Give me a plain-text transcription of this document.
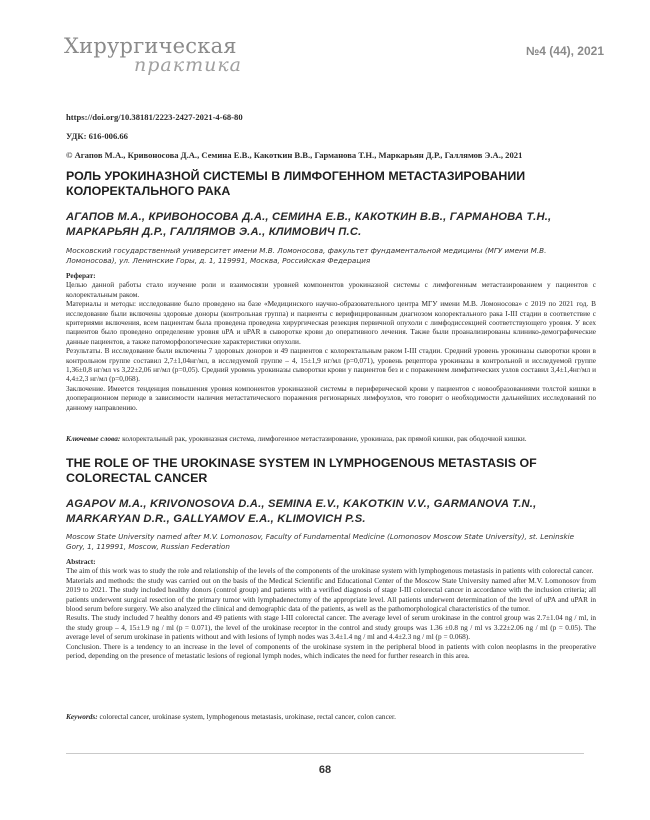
Хирургическая
практика
№4 (44), 2021
https://doi.org/10.38181/2223-2427-2021-4-68-80
УДК: 616-006.66
© Агапов М.А., Кривоносова Д.А., Семина Е.В., Какоткин В.В., Гарманова Т.Н., Маркарьян Д.Р., Галлямов Э.А., 2021
РОЛЬ УРОКИНАЗНОЙ СИСТЕМЫ В ЛИМФОГЕННОМ МЕТАСТАЗИРОВАНИИ КОЛОРЕКТАЛЬНОГО РАКА
АГАПОВ М.А., КРИВОНОСОВА Д.А., СЕМИНА Е.В., КАКОТКИН В.В., ГАРМАНОВА Т.Н., МАРКАРЬЯН Д.Р., ГАЛЛЯМОВ Э.А., КЛИМОВИЧ П.С.
Московский государственный университет имени М.В. Ломоносова, факультет фундаментальной медицины (МГУ имени М.В. Ломоносова), ул. Ленинские Горы, д. 1, 119991, Москва, Российская Федерация

Реферат:

Целью данной работы стало изучение роли и взаимосвязи уровней компонентов урокиназной системы с лимфогенным метастазированием у пациентов с колоректальным раком.

Материалы и методы: исследование было проведено на базе «Медицинского научно-образовательного центра МГУ имени М.В. Ломоносова» с 2019 по 2021 год. В исследование были включены здоровые доноры (контрольная группа) и пациенты с верифицированным диагнозом колоректального рака I-III стадии в соответствие с критериями включения, всем пациентам была проведена проведена хирургическая резекция первичной опухоли с лимфодиссекцией соответствующего уровня. У всех пациентов было проведено определение уровня uPA и uPAR в сыворотке крови до оперативного лечения. Также были проанализированы клинико-демографические данные пациентов, а также патоморфологические характеристики опухоли.

Результаты. В исследование были включены 7 здоровых доноров и 49 пациентов с колоректальным раком I-III стадии. Средний уровень урокиназы сыворотки крови в контрольном группе составил 2,7±1,04нг/мл, в исследуемой группе – 4, 15±1,9 нг/мл (p=0,071), уровень рецептора урокиназы в контрольной и исследуемой группе 1,36±0,8 нг/мл vs 3,22±2,06 нг/мл (p=0,05). Средний уровень урокиназы сыворотки крови у пациентов без и с поражением лимфатических узлов составил 3,4±1,4нг/мл и 4,4±2,3 нг/мл (p=0,068).

Заключение. Имеется тенденция повышения уровня компонентов урокиназной системы в периферической крови у пациентов с новообразованиями толстой кишки в дооперационном периоде в зависимости наличия метастатического поражения регионарных лимфоузлов, что говорит о необходимости дальнейших исследований по данному направлению.

Ключевые слова: колоректальный рак, урокиназная система, лимфогенное метастазирование, урокиназа, рак прямой кишки, рак ободочной кишки.
THE ROLE OF THE UROKINASE SYSTEM IN LYMPHOGENOUS METASTASIS OF COLORECTAL CANCER
AGAPOV M.A., KRIVONOSOVA D.A., SEMINA E.V., KAKOTKIN V.V., GARMANOVA T.N., MARKARYAN D.R., GALLYAMOV E.A., KLIMOVICH P.S.
Moscow State University named after M.V. Lomonosov, Faculty of Fundamental Medicine (Lomonosov Moscow State University), st. Leninskie Gory, 1, 119991, Moscow, Russian Federation

Abstract:

The aim of this work was to study the role and relationship of the levels of the components of the urokinase system with lymphogenous metastasis in patients with colorectal cancer.

Materials and methods: the study was carried out on the basis of the Medical Scientific and Educational Center of the Moscow State University named after M.V. Lomonosov from 2019 to 2021. The study included healthy donors (control group) and patients with a verified diagnosis of stage I-III colorectal cancer in accordance with the inclusion criteria; all patients underwent surgical resection of the primary tumor with lymphadenectomy of the appropriate level. All patients underwent determination of the level of uPA and uPAR in blood serum before surgery. We also analyzed the clinical and demographic data of the patients, as well as the pathomorphological characteristics of the tumor.

Results. The study included 7 healthy donors and 49 patients with stage I-III colorectal cancer. The average level of serum urokinase in the control group was 2.7±1.04 ng / ml, in the study group – 4, 15±1.9 ng / ml (p = 0.071), the level of the urokinase receptor in the control and study groups was 1.36 ±0.8 ng / ml vs 3.22±2.06 ng / ml (p = 0.05). The average level of serum urokinase in patients without and with lesions of lymph nodes was 3.4±1.4 ng / ml and 4.4±2.3 ng / ml (p = 0.068).

Conclusion. There is a tendency to an increase in the level of components of the urokinase system in the peripheral blood in patients with colon neoplasms in the preoperative period, depending on the presence of metastatic lesions of regional lymph nodes, which indicates the need for further research in this area.

Keywords: colorectal cancer, urokinase system, lymphogenous metastasis, urokinase, rectal cancer, colon cancer.
68
